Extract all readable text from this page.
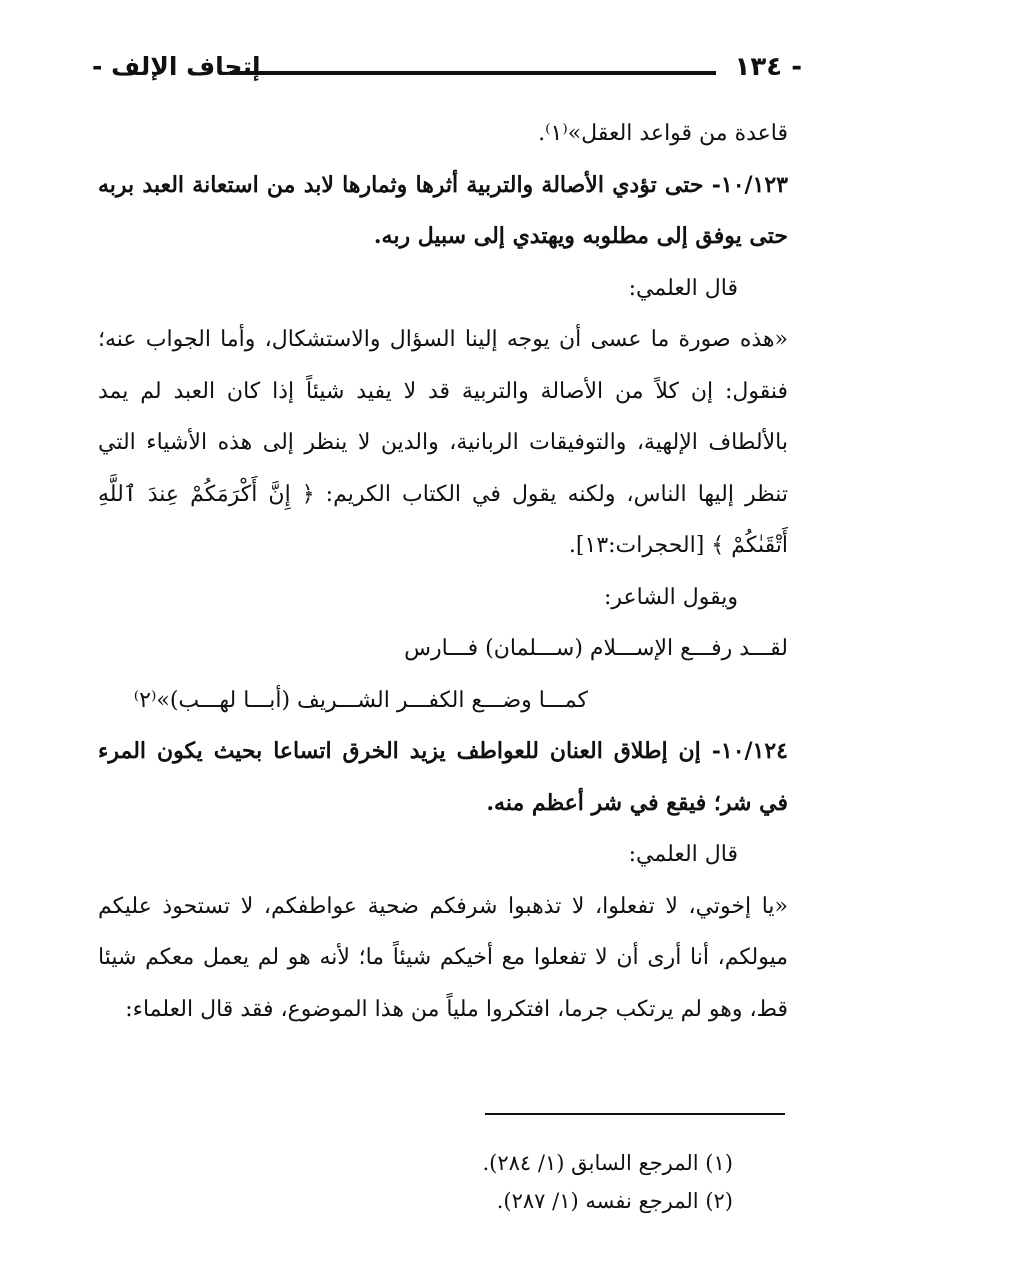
- ١٣٤
إتحاف الإلف -

قاعدة من قواعد العقل»⁽١⁾.

١٠/١٢٣- حتى تؤدي الأصالة والتربية أثرها وثمارها لابد من استعانة العبد بربه حتى يوفق إلى مطلوبه ويهتدي إلى سبيل ربه.

قال العلمي:

«هذه صورة ما عسى أن يوجه إلينا السؤال والاستشكال، وأما الجواب عنه؛ فنقول: إن كلاً من الأصالة والتربية قد لا يفيد شيئاً إذا كان العبد لم يمد بالألطاف الإلهية، والتوفيقات الربانية، والدين لا ينظر إلى هذه الأشياء التي تنظر إليها الناس، ولكنه يقول في الكتاب الكريم: ﴿ إِنَّ أَكْرَمَكُمْ عِندَ ٱللَّهِ أَتْقَىٰكُمْ ﴾ [الحجرات:١٣].

ويقول الشاعر:

لقـــد رفـــع الإســـلام (ســـلمان) فـــارس
كمـــا وضـــع الكفـــر الشـــريف (أبـــا لهـــب)»⁽٢⁾

١٠/١٢٤- إن إطلاق العنان للعواطف يزيد الخرق اتساعا بحيث يكون المرء في شر؛ فيقع في شر أعظم منه.

قال العلمي:

«يا إخوتي، لا تفعلوا، لا تذهبوا شرفكم ضحية عواطفكم، لا تستحوذ عليكم ميولكم، أنا أرى أن لا تفعلوا مع أخيكم شيئاً ما؛ لأنه هو لم يعمل معكم شيئا قط، وهو لم يرتكب جرما، افتكروا ملياً من هذا الموضوع، فقد قال العلماء:

(١) المرجع السابق (١/ ٢٨٤).

(٢) المرجع نفسه (١/ ٢٨٧).
